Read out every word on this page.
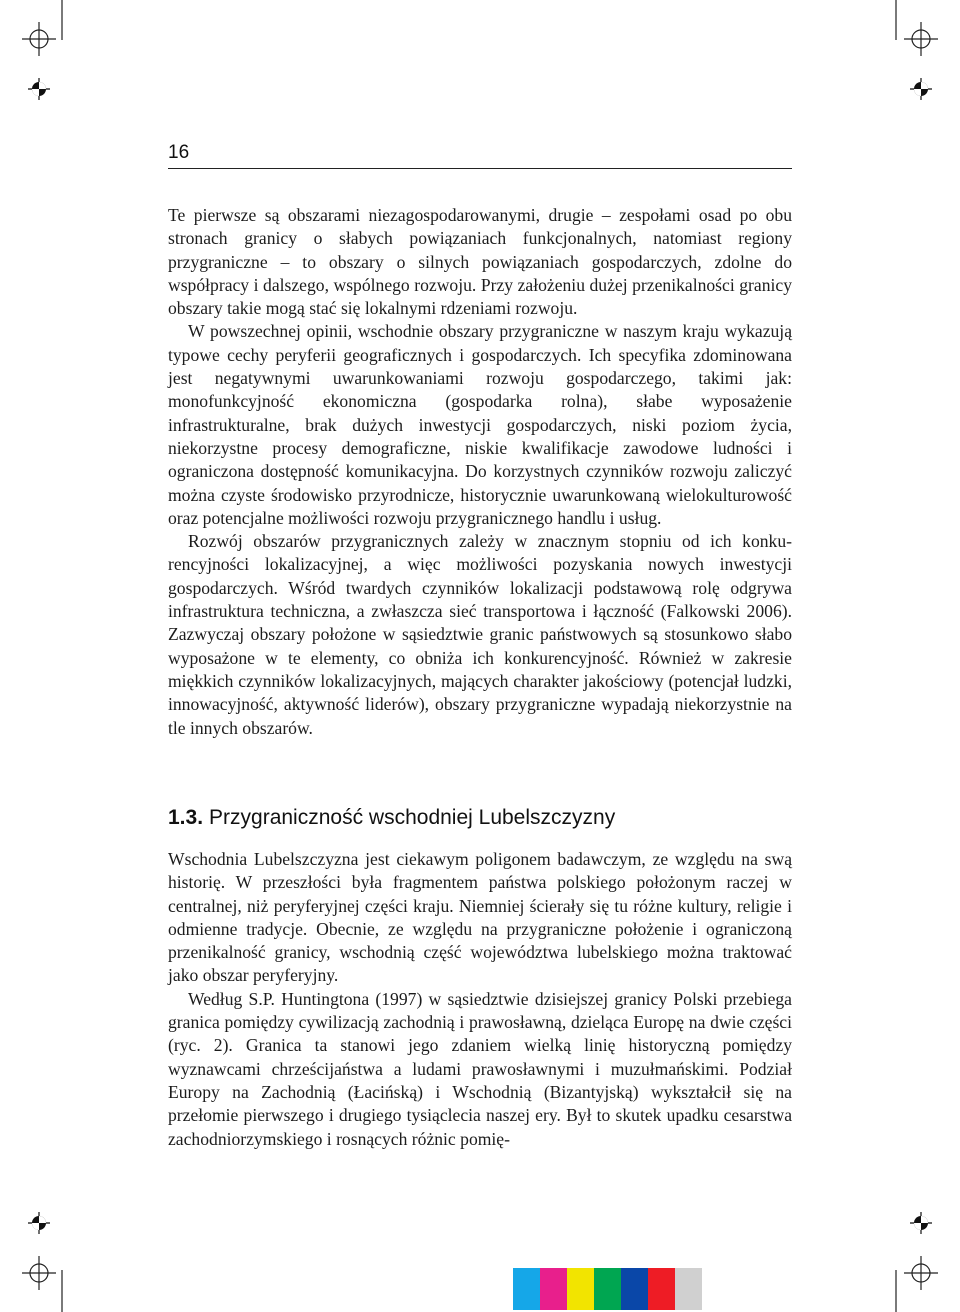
16

Te pierwsze są obszarami niezagospodarowanymi, drugie – zespołami osad po obu stronach granicy o słabych powiązaniach funkcjonalnych, natomiast regiony przygraniczne – to obszary o silnych powiązaniach gospodarczych, zdolne do współpracy i dalszego, wspólnego rozwoju. Przy założeniu dużej przenikalności granicy obszary takie mogą stać się lokalnymi rdzeniami rozwoju.

W powszechnej opinii, wschodnie obszary przygraniczne w naszym kraju wykazują typowe cechy peryferii geograficznych i gospodarczych. Ich specyfika zdominowana jest negatywnymi uwarunkowaniami rozwoju gospodarczego, takimi jak: monofunkcyjność ekonomiczna (gospodarka rolna), słabe wyposażenie infrastrukturalne, brak dużych inwestycji gospodarczych, niski poziom życia, niekorzystne procesy demograficzne, niskie kwalifikacje zawodowe ludności i ograniczona dostępność komunikacyjna. Do korzystnych czynników rozwoju zaliczyć można czyste środowisko przyrodnicze, historycznie uwarunkowaną wielokulturowość oraz potencjalne możliwości rozwoju przygranicznego handlu i usług.

Rozwój obszarów przygranicznych zależy w znacznym stopniu od ich konkurencyjności lokalizacyjnej, a więc możliwości pozyskania nowych inwestycji gospodarczych. Wśród twardych czynników lokalizacji podstawową rolę odgrywa infrastruktura techniczna, a zwłaszcza sieć transportowa i łączność (Falkowski 2006). Zazwyczaj obszary położone w sąsiedztwie granic państwowych są stosunkowo słabo wyposażone w te elementy, co obniża ich konkurencyjność. Również w zakresie miękkich czynników lokalizacyjnych, mających charakter jakościowy (potencjał ludzki, innowacyjność, aktywność liderów), obszary przygraniczne wypadają niekorzystnie na tle innych obszarów.

1.3. Przygraniczność wschodniej Lubelszczyzny

Wschodnia Lubelszczyzna jest ciekawym poligonem badawczym, ze względu na swą historię. W przeszłości była fragmentem państwa polskiego położonym raczej w centralnej, niż peryferyjnej części kraju. Niemniej ścierały się tu różne kultury, religie i odmienne tradycje. Obecnie, ze względu na przygraniczne położenie i ograniczoną przenikalność granicy, wschodnią część województwa lubelskiego można traktować jako obszar peryferyjny.

Według S.P. Huntingtona (1997) w sąsiedztwie dzisiejszej granicy Polski przebiega granica pomiędzy cywilizacją zachodnią i prawosławną, dzieląca Europę na dwie części (ryc. 2). Granica ta stanowi jego zdaniem wielką linię historyczną pomiędzy wyznawcami chrześcijaństwa a ludami prawosławnymi i muzułmańskimi. Podział Europy na Zachodnią (Łacińską) i Wschodnią (Bizantyjską) wykształcił się na przełomie pierwszego i drugiego tysiąclecia naszej ery. Był to skutek upadku cesarstwa zachodniorzymskiego i rosnących różnic pomię-
